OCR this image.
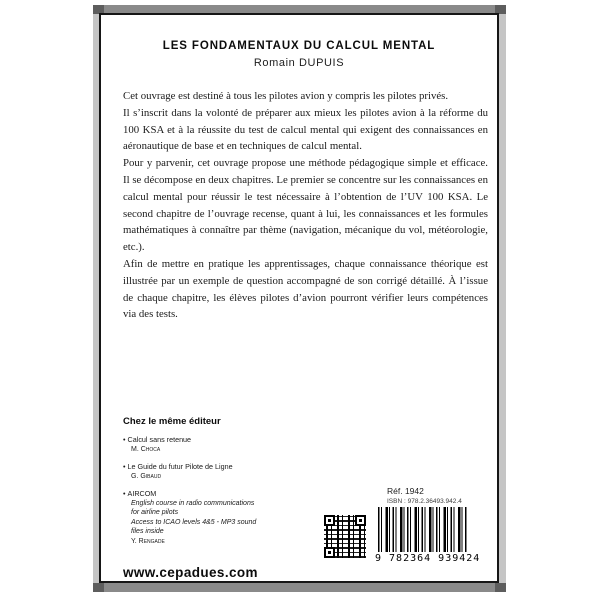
LES FONDAMENTAUX DU CALCUL MENTAL
Romain DUPUIS

Cet ouvrage est destiné à tous les pilotes avion y compris les pilotes privés.

Il s’inscrit dans la volonté de préparer aux mieux les pilotes avion à la réforme du 100 KSA et à la réussite du test de calcul mental qui exigent des connaissances en aéronautique de base et en techniques de calcul mental.

Pour y parvenir, cet ouvrage propose une méthode pédagogique simple et efficace. Il se décompose en deux chapitres. Le premier se concentre sur les connaissances en calcul mental pour réussir le test nécessaire à l’obtention de l’UV 100 KSA. Le second chapitre de l’ouvrage recense, quant à lui, les connaissances et les formules mathématiques à connaître par thème (navigation, mécanique du vol, météorologie, etc.).

Afin de mettre en pratique les apprentissages, chaque connaissance théorique est illustrée par un exemple de question accompagné de son corrigé détaillé. À l’issue de chaque chapitre, les élèves pilotes d’avion pourront vérifier leurs compétences via des tests.

Chez le même éditeur
• Calcul sans retenue
M. Choca
• Le Guide du futur Pilote de Ligne
G. Gibaud
• AIRCOM
English course in radio communications
for airline pilots
Access to ICAO levels 4&5 - MP3 sound
files inside
Y. Rengade
www.cepadues.com
Réf. 1942
ISBN : 978.2.36493.942.4
9 782364 939424
